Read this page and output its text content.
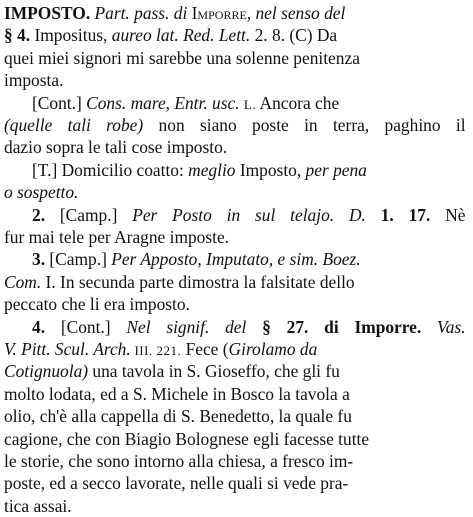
IMPOSTO. Part. pass. di Imporre, nel senso del
§ 4. Impositus, aureo lat. Red. Lett. 2. 8. (C) Da
quei miei signori mi sarebbe una solenne penitenza
imposta.
[Cont.] Cons. mare, Entr. usc. L. Ancora che
(quelle tali robe) non siano poste in terra, paghino il
dazio sopra le tali cose imposto.
[T.] Domicilio coatto: meglio Imposto, per pena
o sospetto.
2. [Camp.] Per Posto in sul telajo. D. 1. 17. Nè
fur mai tele per Aragne imposte.
3. [Camp.] Per Apposto, Imputato, e sim. Boez.
Com. I. In secunda parte dimostra la falsitate dello
peccato che li era imposto.
4. [Cont.] Nel signif. del § 27. di Imporre. Vas.
V. Pitt. Scul. Arch. III. 221. Fece (Girolamo da
Cotignuola) una tavola in S. Gioseffo, che gli fu
molto lodata, ed a S. Michele in Bosco la tavola a
olio, ch'è alla cappella di S. Benedetto, la quale fu
cagione, che con Biagio Bolognese egli facesse tutte
le storie, che sono intorno alla chiesa, a fresco im-
poste, ed a secco lavorate, nelle quali si vede pra-
tica assai.
